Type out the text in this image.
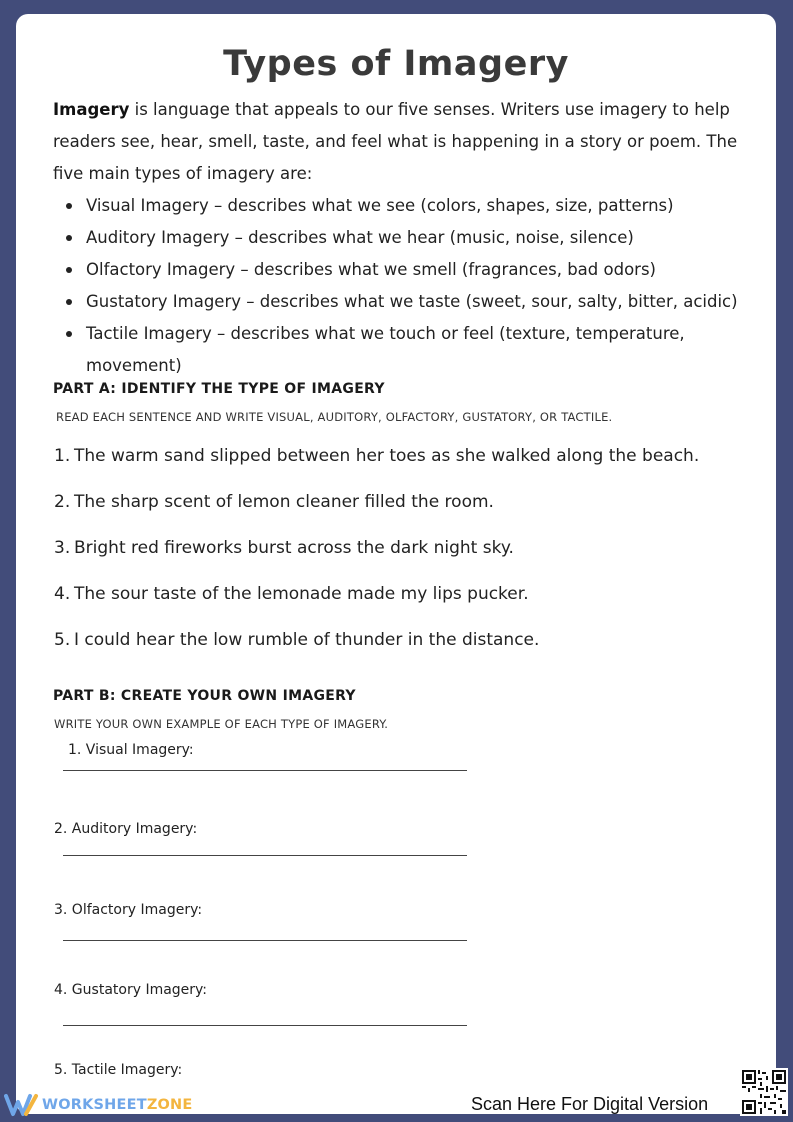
Types of Imagery

Imagery is language that appeals to our five senses. Writers use imagery to help readers see, hear, smell, taste, and feel what is happening in a story or poem. The five main types of imagery are:

Visual Imagery – describes what we see (colors, shapes, size, patterns)
Auditory Imagery – describes what we hear (music, noise, silence)
Olfactory Imagery – describes what we smell (fragrances, bad odors)
Gustatory Imagery – describes what we taste (sweet, sour, salty, bitter, acidic)
Tactile Imagery – describes what we touch or feel (texture, temperature, movement)
PART A: IDENTIFY THE TYPE OF IMAGERY
READ EACH SENTENCE AND WRITE VISUAL, AUDITORY, OLFACTORY, GUSTATORY, OR TACTILE.
1. The warm sand slipped between her toes as she walked along the beach.
2. The sharp scent of lemon cleaner filled the room.
3. Bright red fireworks burst across the dark night sky.
4. The sour taste of the lemonade made my lips pucker.
5. I could hear the low rumble of thunder in the distance.
PART B: CREATE YOUR OWN IMAGERY
WRITE YOUR OWN EXAMPLE OF EACH TYPE OF IMAGERY.
1. Visual Imagery:
2. Auditory Imagery:
3. Olfactory Imagery:
4. Gustatory Imagery:
5. Tactile Imagery:
WORKSHEETZONE	Scan Here For Digital Version
